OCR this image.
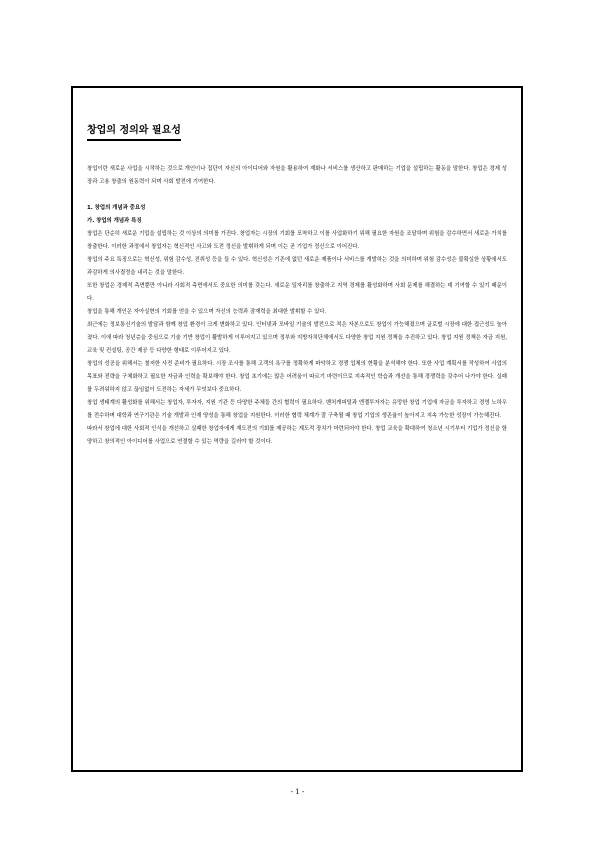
창업의 정의와 필요성

창업이란 새로운 사업을 시작하는 것으로 개인이나 집단이 자신의 아이디어와 자원을 활용하여 재화나 서비스를 생산하고 판매하는 기업을 설립하는 활동을 말한다. 창업은 경제 성장과 고용 창출의 원동력이 되며 사회 발전에 기여한다.

1. 창업의 개념과 중요성

가. 창업의 개념과 특징

창업은 단순히 새로운 기업을 설립하는 것 이상의 의미를 가진다. 창업자는 시장의 기회를 포착하고 이를 사업화하기 위해 필요한 자원을 조달하며 위험을 감수하면서 새로운 가치를 창출한다. 이러한 과정에서 창업자는 혁신적인 사고와 도전 정신을 발휘하게 되며 이는 곧 기업가 정신으로 이어진다.

창업의 주요 특징으로는 혁신성, 위험 감수성, 진취성 등을 들 수 있다. 혁신성은 기존에 없던 새로운 제품이나 서비스를 개발하는 것을 의미하며 위험 감수성은 불확실한 상황에서도 과감하게 의사결정을 내리는 것을 말한다.

또한 창업은 경제적 측면뿐만 아니라 사회적 측면에서도 중요한 의미를 갖는다. 새로운 일자리를 창출하고 지역 경제를 활성화하며 사회 문제를 해결하는 데 기여할 수 있기 때문이다.

창업을 통해 개인은 자아실현의 기회를 얻을 수 있으며 자신의 능력과 잠재력을 최대한 발휘할 수 있다.

최근에는 정보통신기술의 발달과 함께 창업 환경이 크게 변화하고 있다. 인터넷과 모바일 기술의 발전으로 적은 자본으로도 창업이 가능해졌으며 글로벌 시장에 대한 접근성도 높아졌다. 이에 따라 청년층을 중심으로 기술 기반 창업이 활발하게 이루어지고 있으며 정부와 지방자치단체에서도 다양한 창업 지원 정책을 추진하고 있다. 창업 지원 정책은 자금 지원, 교육 및 컨설팅, 공간 제공 등 다양한 형태로 이루어지고 있다.

창업의 성공을 위해서는 철저한 사전 준비가 필요하다. 시장 조사를 통해 고객의 욕구를 정확하게 파악하고 경쟁 업체의 현황을 분석해야 한다. 또한 사업 계획서를 작성하여 사업의 목표와 전략을 구체화하고 필요한 자금과 인력을 확보해야 한다. 창업 초기에는 많은 어려움이 따르기 마련이므로 지속적인 학습과 개선을 통해 경쟁력을 갖추어 나가야 한다. 실패를 두려워하지 않고 끊임없이 도전하는 자세가 무엇보다 중요하다.

창업 생태계의 활성화를 위해서는 창업자, 투자자, 지원 기관 등 다양한 주체들 간의 협력이 필요하다. 벤처캐피털과 엔젤투자자는 유망한 창업 기업에 자금을 투자하고 경영 노하우를 전수하며 대학과 연구기관은 기술 개발과 인재 양성을 통해 창업을 지원한다. 이러한 협력 체계가 잘 구축될 때 창업 기업의 생존율이 높아지고 지속 가능한 성장이 가능해진다.

따라서 창업에 대한 사회적 인식을 개선하고 실패한 창업자에게 재도전의 기회를 제공하는 제도적 장치가 마련되어야 한다. 창업 교육을 확대하여 청소년 시기부터 기업가 정신을 함양하고 창의적인 아이디어를 사업으로 연결할 수 있는 역량을 길러야 할 것이다.

- 1 -
